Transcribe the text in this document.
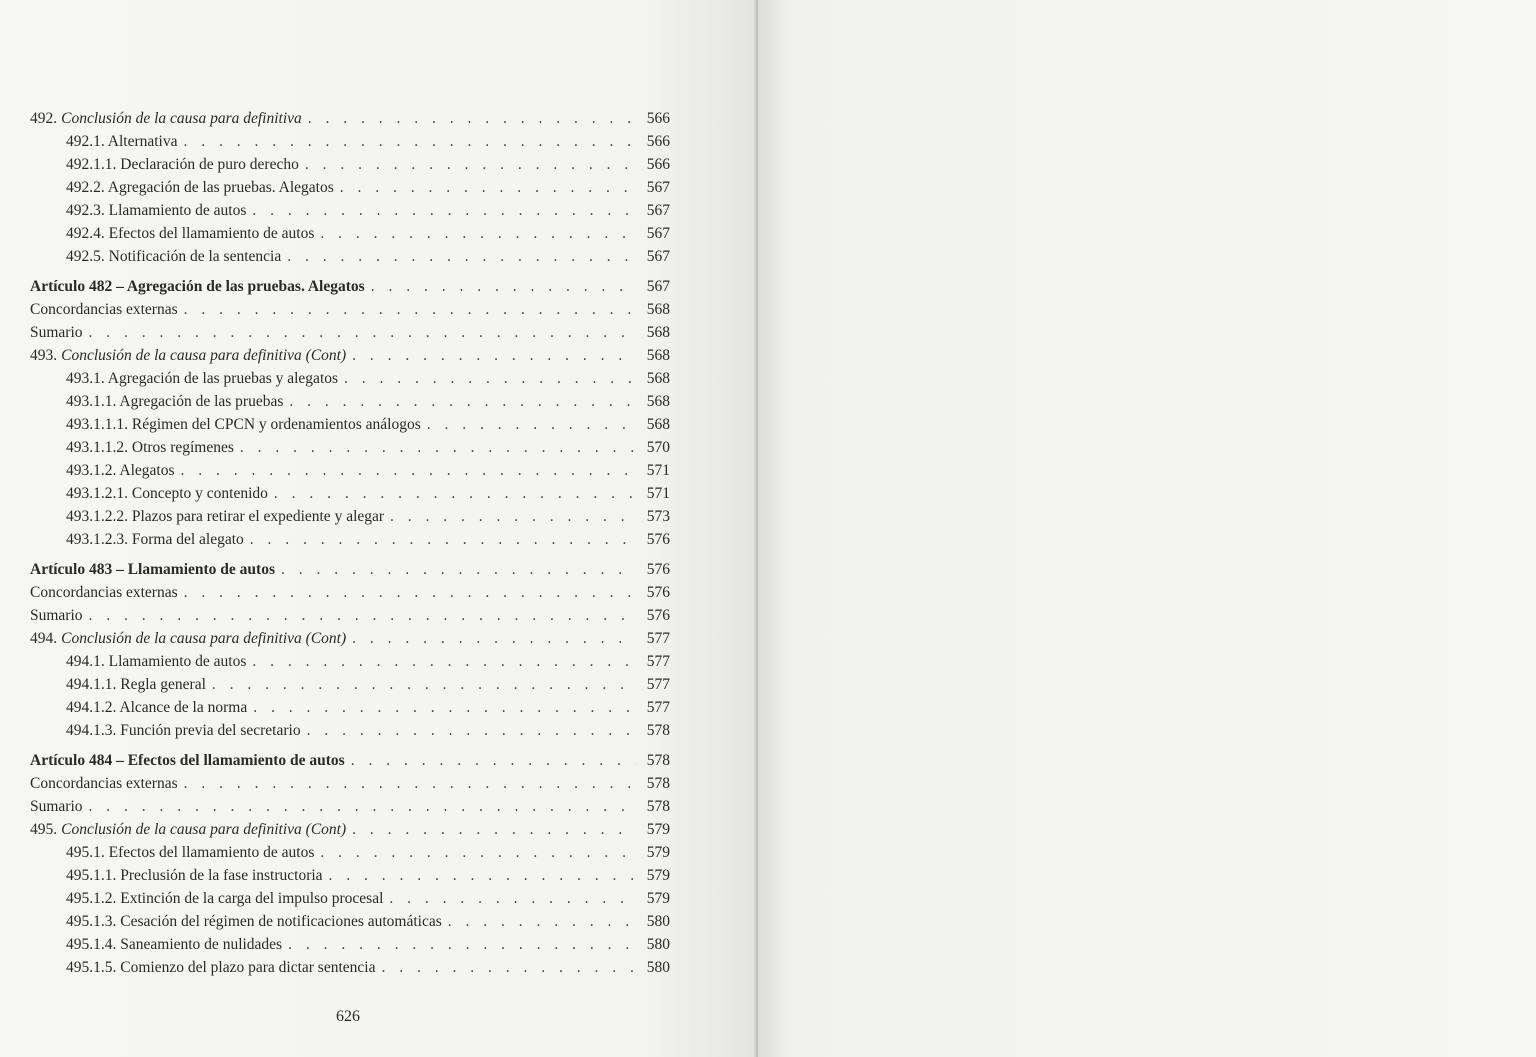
492. Conclusión de la causa para definitiva . . .	566
492.1. Alternativa . . .	566
492.1.1. Declaración de puro derecho . . .	566
492.2. Agregación de las pruebas. Alegatos . . .	567
492.3. Llamamiento de autos . . .	567
492.4. Efectos del llamamiento de autos . . .	567
492.5. Notificación de la sentencia . . .	567
Artículo 482 – Agregación de las pruebas. Alegatos . . .	567
Concordancias externas . . .	568
Sumario . . .	568
493. Conclusión de la causa para definitiva (Cont) . . .	568
493.1. Agregación de las pruebas y alegatos . . .	568
493.1.1. Agregación de las pruebas . . .	568
493.1.1.1. Régimen del CPCN y ordenamientos análogos . . .	568
493.1.1.2. Otros regímenes . . .	570
493.1.2. Alegatos . . .	571
493.1.2.1. Concepto y contenido . . .	571
493.1.2.2. Plazos para retirar el expediente y alegar . . .	573
493.1.2.3. Forma del alegato . . .	576
Artículo 483 – Llamamiento de autos . . .	576
Concordancias externas . . .	576
Sumario . . .	576
494. Conclusión de la causa para definitiva (Cont) . . .	577
494.1. Llamamiento de autos . . .	577
494.1.1. Regla general . . .	577
494.1.2. Alcance de la norma . . .	577
494.1.3. Función previa del secretario . . .	578
Artículo 484 – Efectos del llamamiento de autos . . .	578
Concordancias externas . . .	578
Sumario . . .	578
495. Conclusión de la causa para definitiva (Cont) . . .	579
495.1. Efectos del llamamiento de autos . . .	579
495.1.1. Preclusión de la fase instructoria . . .	579
495.1.2. Extinción de la carga del impulso procesal . . .	579
495.1.3. Cesación del régimen de notificaciones automáticas . . .	580
495.1.4. Saneamiento de nulidades . . .	580
495.1.5. Comienzo del plazo para dictar sentencia . . .	580
626
